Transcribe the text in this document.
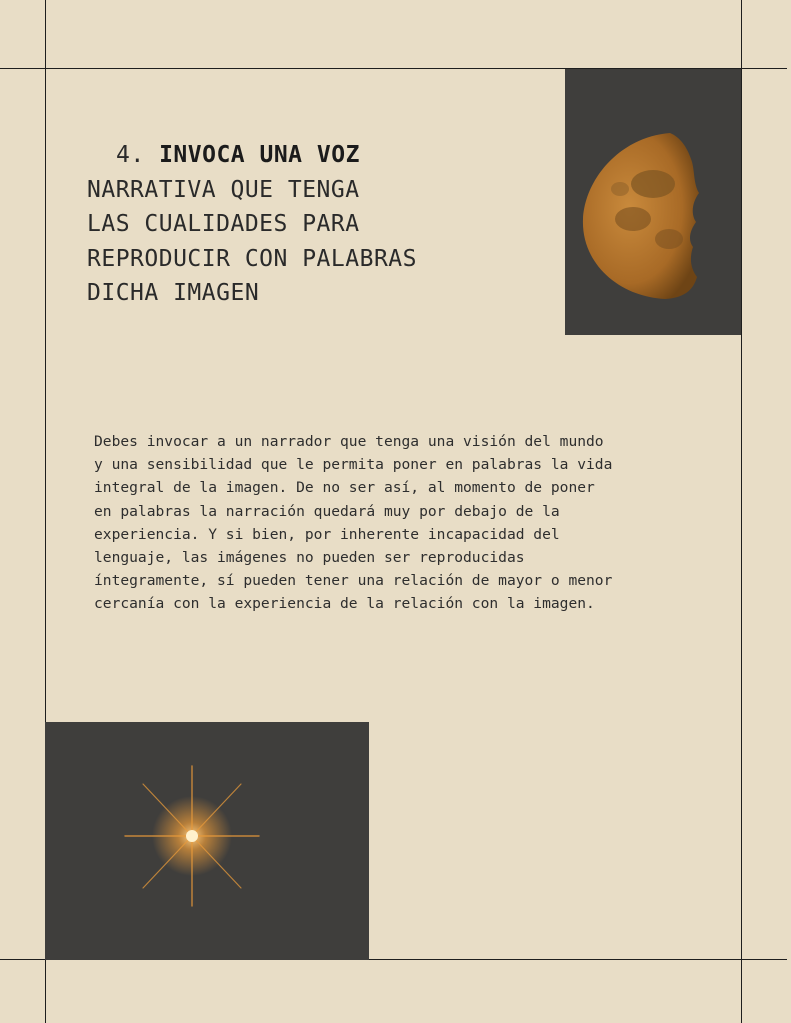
4. INVOCA UNA VOZ
NARRATIVA QUE TENGA
LAS CUALIDADES PARA
REPRODUCIR CON PALABRAS
DICHA IMAGEN
Debes invocar a un narrador que tenga una visión del mundo
y una sensibilidad que le permita poner en palabras la vida
integral de la imagen. De no ser así, al momento de poner
en palabras la narración quedará muy por debajo de la
experiencia. Y si bien, por inherente incapacidad del
lenguaje, las imágenes no pueden ser reproducidas
íntegramente, sí pueden tener una relación de mayor o menor
cercanía con la experiencia de la relación con la imagen.
